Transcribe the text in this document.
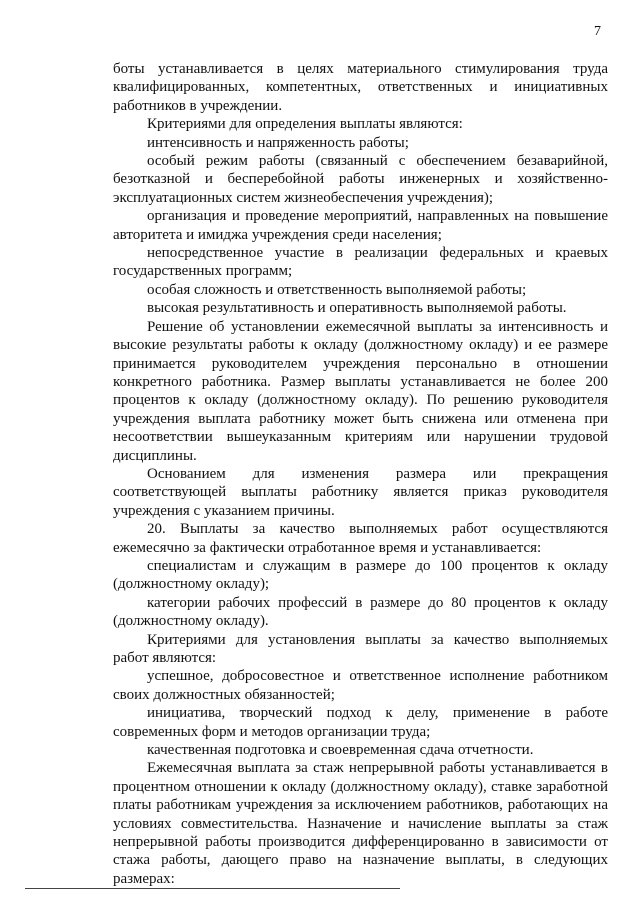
7

боты устанавливается в целях материального стимулирования труда квалифицированных, компетентных, ответственных и инициативных работников в учреждении.

Критериями для определения выплаты являются:

интенсивность и напряженность работы;

особый режим работы (связанный с обеспечением безаварийной, безотказной и бесперебойной работы инженерных и хозяйственно-эксплуатационных систем жизнеобеспечения учреждения);

организация и проведение мероприятий, направленных на повышение авторитета и имиджа учреждения среди населения;

непосредственное участие в реализации федеральных и краевых государственных программ;

особая сложность и ответственность выполняемой работы;

высокая результативность и оперативность выполняемой работы.

Решение об установлении ежемесячной выплаты за интенсивность и высокие результаты работы к окладу (должностному окладу) и ее размере принимается руководителем учреждения персонально в отношении конкретного работника. Размер выплаты устанавливается не более 200 процентов к окладу (должностному окладу). По решению руководителя учреждения выплата работнику может быть снижена или отменена при несоответствии вышеуказанным критериям или нарушении трудовой дисциплины.

Основанием для изменения размера или прекращения соответствующей выплаты работнику является приказ руководителя учреждения с указанием причины.

20. Выплаты за качество выполняемых работ осуществляются ежемесячно за фактически отработанное время и устанавливается:

специалистам и служащим в размере до 100 процентов к окладу (должностному окладу);

категории рабочих профессий в размере до 80 процентов к окладу (должностному окладу).

Критериями для установления выплаты за качество выполняемых работ являются:

успешное, добросовестное и ответственное исполнение работником своих должностных обязанностей;

инициатива, творческий подход к делу, применение в работе современных форм и методов организации труда;

качественная подготовка и своевременная сдача отчетности.

Ежемесячная выплата за стаж непрерывной работы устанавливается в процентном отношении к окладу (должностному окладу), ставке заработной платы работникам учреждения за исключением работников, работающих на условиях совместительства. Назначение и начисление выплаты за стаж непрерывной работы производится дифференцированно в зависимости от стажа работы, дающего право на назначение выплаты, в следующих размерах:
